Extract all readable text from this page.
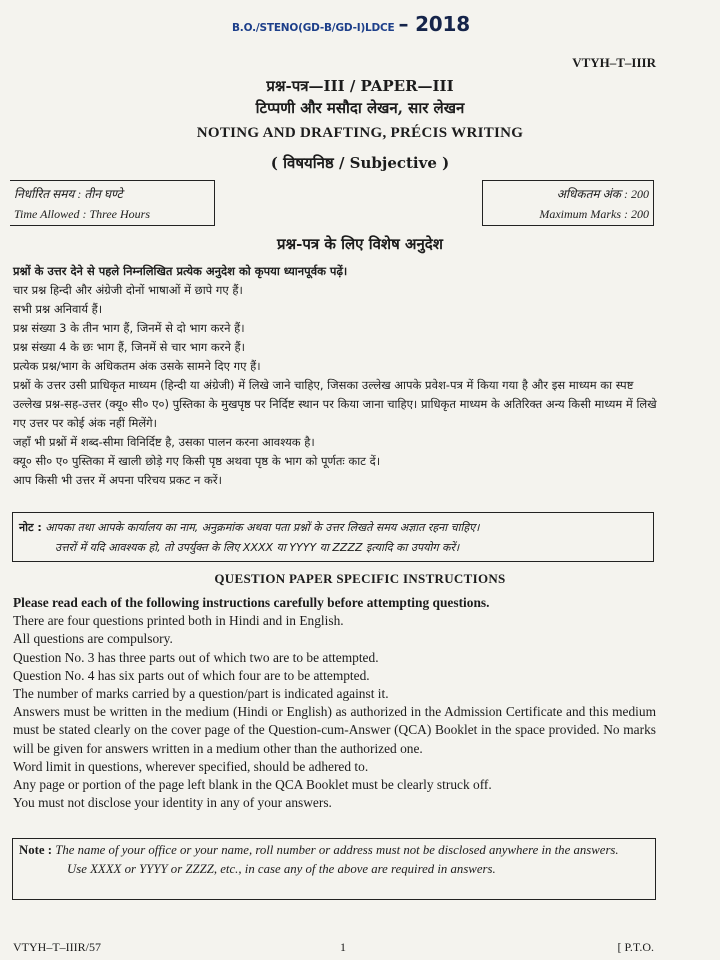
B.O./STENO(GD-B/GD-I)LDCE – 2018
VTYH–T–IIIR
प्रश्न-पत्र—III / PAPER—III
टिप्पणी और मसौदा लेखन, सार लेखन
NOTING AND DRAFTING, PRÉCIS WRITING
( विषयनिष्ठ / Subjective )
निर्धारित समय : तीन घण्टे
Time Allowed : Three Hours
अधिकतम अंक : 200
Maximum Marks : 200
प्रश्न-पत्र के लिए विशेष अनुदेश

प्रश्नों के उत्तर देने से पहले निम्नलिखित प्रत्येक अनुदेश को कृपया ध्यानपूर्वक पढ़ें।

चार प्रश्न हिन्दी और अंग्रेजी दोनों भाषाओं में छापे गए हैं।

सभी प्रश्न अनिवार्य हैं।

प्रश्न संख्या 3 के तीन भाग हैं, जिनमें से दो भाग करने हैं।

प्रश्न संख्या 4 के छः भाग हैं, जिनमें से चार भाग करने हैं।

प्रत्येक प्रश्न/भाग के अधिकतम अंक उसके सामने दिए गए हैं।

प्रश्नों के उत्तर उसी प्राधिकृत माध्यम (हिन्दी या अंग्रेजी) में लिखे जाने चाहिए, जिसका उल्लेख आपके प्रवेश-पत्र में किया गया है और इस माध्यम का स्पष्ट उल्लेख प्रश्न-सह-उत्तर (क्यू० सी० ए०) पुस्तिका के मुखपृष्ठ पर निर्दिष्ट स्थान पर किया जाना चाहिए। प्राधिकृत माध्यम के अतिरिक्त अन्य किसी माध्यम में लिखे गए उत्तर पर कोई अंक नहीं मिलेंगे।

जहाँ भी प्रश्नों में शब्द-सीमा विनिर्दिष्ट है, उसका पालन करना आवश्यक है।

क्यू० सी० ए० पुस्तिका में खाली छोड़े गए किसी पृष्ठ अथवा पृष्ठ के भाग को पूर्णतः काट दें।

आप किसी भी उत्तर में अपना परिचय प्रकट न करें।

नोट : आपका तथा आपके कार्यालय का नाम, अनुक्रमांक अथवा पता प्रश्नों के उत्तर लिखते समय अज्ञात रहना चाहिए।
उत्तरों में यदि आवश्यक हो, तो उपर्युक्त के लिए XXXX या YYYY या ZZZZ इत्यादि का उपयोग करें।
QUESTION PAPER SPECIFIC INSTRUCTIONS

Please read each of the following instructions carefully before attempting questions.

There are four questions printed both in Hindi and in English.

All questions are compulsory.

Question No. 3 has three parts out of which two are to be attempted.

Question No. 4 has six parts out of which four are to be attempted.

The number of marks carried by a question/part is indicated against it.

Answers must be written in the medium (Hindi or English) as authorized in the Admission Certificate and this medium must be stated clearly on the cover page of the Question-cum-Answer (QCA) Booklet in the space provided. No marks will be given for answers written in a medium other than the authorized one.

Word limit in questions, wherever specified, should be adhered to.

Any page or portion of the page left blank in the QCA Booklet must be clearly struck off.

You must not disclose your identity in any of your answers.

Note : The name of your office or your name, roll number or address must not be disclosed anywhere in the answers.
Use XXXX or YYYY or ZZZZ, etc., in case any of the above are required in answers.
VTYH–T–IIIR/57	1	[ P.T.O.
